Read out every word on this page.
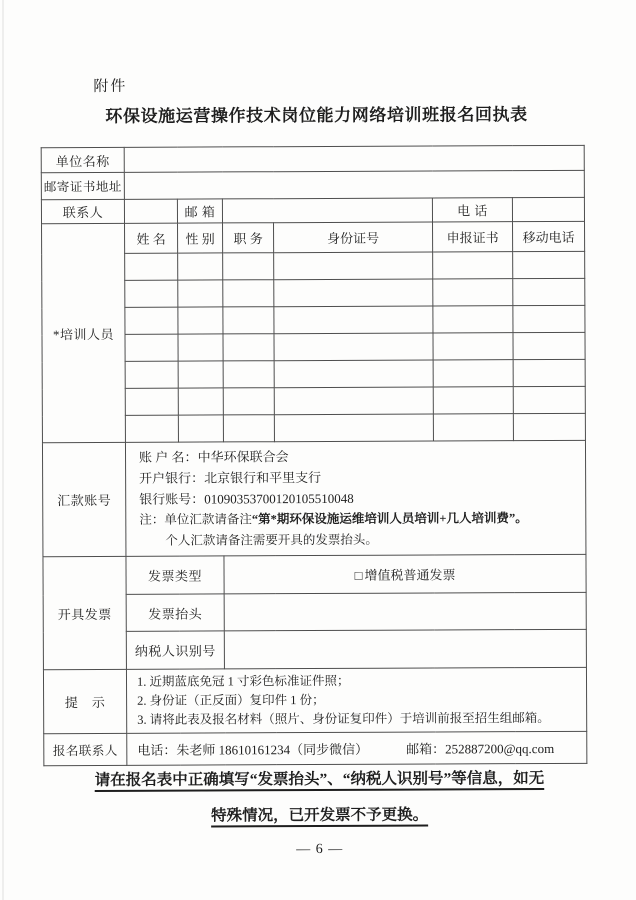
附件
环保设施运营操作技术岗位能力网络培训班报名回执表
单位名称						
邮寄证书地址						
联系人		邮 箱			电 话	
*培训人员	姓 名	性 别	职 务	身份证号	申报证书	移动电话

汇款账号	账 户 名：中华环保联合会
开户银行：北京银行和平里支行
银行账号：01090353700120105510048
注：单位汇款请备注“第*期环保设施运维培训人员培训+几人培训费”。
个人汇款请备注需要开具的发票抬头。					

开具发票	发票类型		□ 增值税普通发票			
	发票抬头					
	纳税人识别号					
提　示	1. 近期蓝底免冠 1 寸彩色标准证件照；
2. 身份证（正反面）复印件 1 份；
3. 请将此表及报名材料（照片、身份证复印件）于培训前报至招生组邮箱。					

报名联系人	电话：朱老师 18610161234（同步微信） 邮箱：252887200@qq.com					
请在报名表中正确填写“发票抬头”、“纳税人识别号”等信息，如无
特殊情况，已开发票不予更换。
— 6 —
